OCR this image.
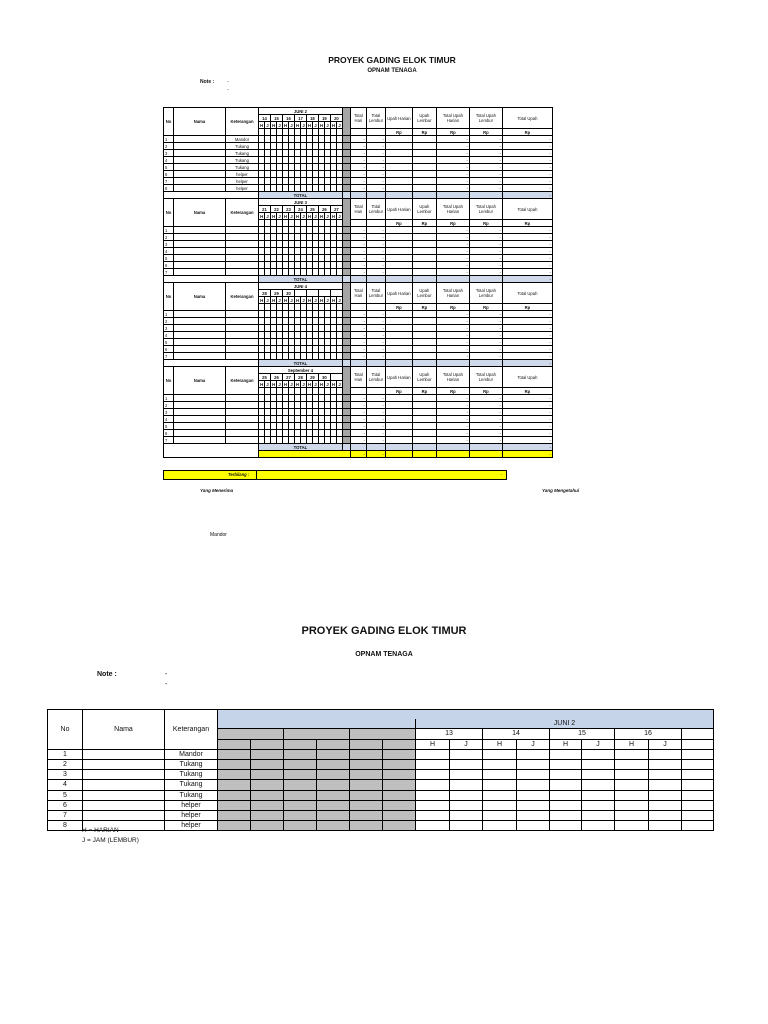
PROYEK GADING ELOK TIMUR
OPNAM TENAGA
Note :	-
-
No	Nama	Keterangan	JUNI 2															Total Hari	Total Lembur	Upah Harian	Upah Lembur	Total Upah Harian	Total Upah Lembur	Total Upah
			14		15		16		17		18		19		20									
			H	J	H	J	H	J	H	J	H	J	H	J	H	J								
																				Rp	Rp	Rp	Rp	Rp
1		Mandor																-	-			-	-	-
2		Tukang																-	-			-	-	-
3		Tukang																-	-			-	-	-
4		Tukang																-	-			-	-	-
5		Tukang																-	-			-	-	-
6		helper																-	-			-	-	-
7		helper																-	-			-	-	-
8		helper																-	-			-	-	-
			TOTAL																					-
No	Nama	Keterangan	JUNI 3															Total Hari	Total Lembur	Upah Harian	Upah Lembur	Total Upah Harian	Total Upah Lembur	Total Upah
			21		22		23		24		25		26		27									
			H	J	H	J	H	J	H	J	H	J	H	J	H	J								
																				Rp	Rp	Rp	Rp	Rp
1																		-	-			-	-	-
2																		-	-			-	-	-
3																		-	-			-	-	-
4																		-	-			-	-	-
5																		-	-			-	-	-
6																		-	-			-	-	-
7																		-	-			-	-	-
			TOTAL																					-
No	Nama	Keterangan	JUNI 4															Total Hari	Total Lembur	Upah Harian	Upah Lembur	Total Upah Harian	Total Upah Lembur	Total Upah
			28		29		30																	
			H	J	H	J	H	J	H	J	H	J	H	J	H	J								
																				Rp	Rp	Rp	Rp	Rp
1																		-	-			-	-	-
2																		-	-			-	-	-
3																		-	-			-	-	-
4																		-	-			-	-	-
5																		-	-			-	-	-
6																		-	-			-	-	-
7																		-	-			-	-	-
			TOTAL																					-
No	Nama	Keterangan	September 4															Total Hari	Total Lembur	Upah Harian	Upah Lembur	Total Upah Harian	Total Upah Lembur	Total Upah
			25		26		27		28		29		30											
			H	J	H	J	H	J	H	J	H	J	H	J	H	J								
																				Rp	Rp	Rp	Rp	Rp
1																		-	-			-	-	-
2																		-	-			-	-	-
3																		-	-			-	-	-
4																		-	-			-	-	-
5																		-	-			-	-	-
6																		-	-			-	-	-
7																		-	-			-	-	-
			TOTAL																					-
																		-	-					-
Terbilang :	-
Yang Menerima	Yang Mengetahui
Mandor
PROYEK GADING ELOK TIMUR
OPNAM TENAGA
Note :	-
-
No	Nama	Keterangan															
									JUNI 2								
									13		14		15		16		
									H	J	H	J	H	J	H	J	
1		Mandor															
2		Tukang															
3		Tukang															
4		Tukang															
5		Tukang															
6		helper															
7		helper															
8		helper															
H = HARIAN
J = JAM (LEMBUR)
